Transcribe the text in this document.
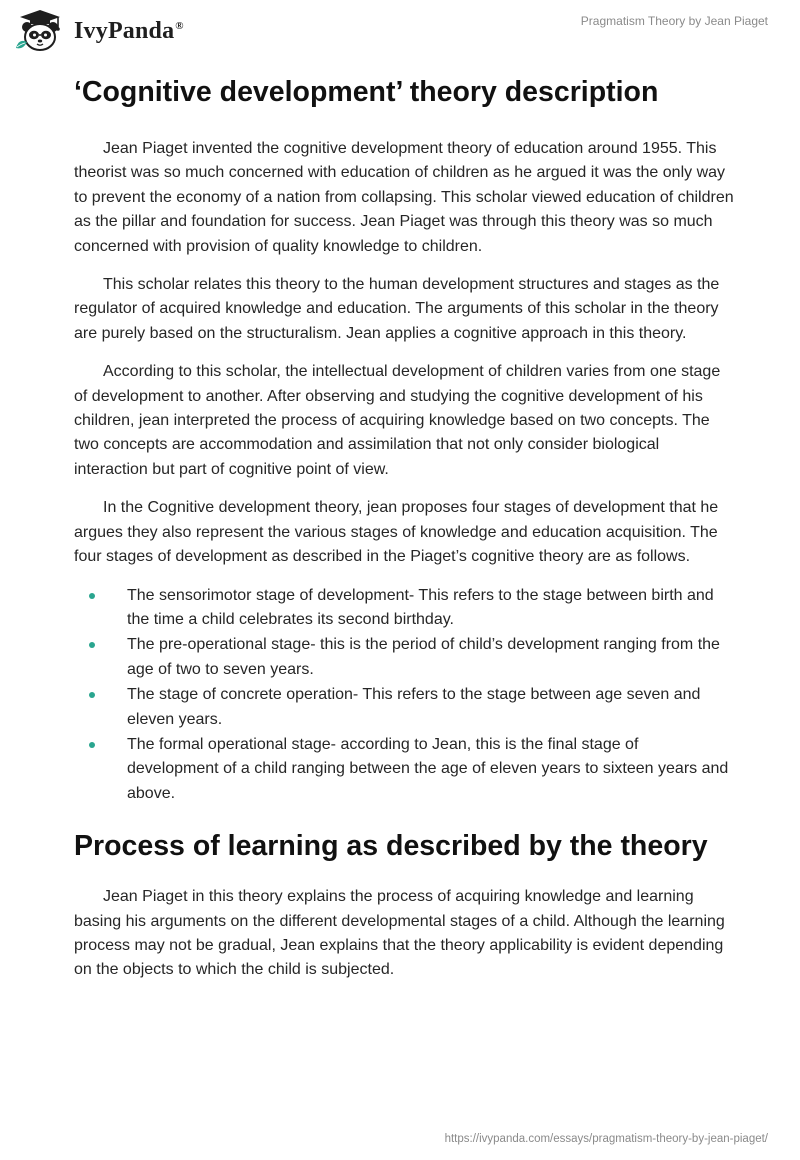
IvyPanda®	Pragmatism Theory by Jean Piaget
‘Cognitive development’ theory description

Jean Piaget invented the cognitive development theory of education around 1955. This theorist was so much concerned with education of children as he argued it was the only way to prevent the economy of a nation from collapsing. This scholar viewed education of children as the pillar and foundation for success. Jean Piaget was through this theory was so much concerned with provision of quality knowledge to children.

This scholar relates this theory to the human development structures and stages as the regulator of acquired knowledge and education. The arguments of this scholar in the theory are purely based on the structuralism. Jean applies a cognitive approach in this theory.

According to this scholar, the intellectual development of children varies from one stage of development to another. After observing and studying the cognitive development of his children, jean interpreted the process of acquiring knowledge based on two concepts. The two concepts are accommodation and assimilation that not only consider biological interaction but part of cognitive point of view.

In the Cognitive development theory, jean proposes four stages of development that he argues they also represent the various stages of knowledge and education acquisition. The four stages of development as described in the Piaget’s cognitive theory are as follows.

The sensorimotor stage of development- This refers to the stage between birth and the time a child celebrates its second birthday.
The pre-operational stage- this is the period of child’s development ranging from the age of two to seven years.
The stage of concrete operation- This refers to the stage between age seven and eleven years.
The formal operational stage- according to Jean, this is the final stage of development of a child ranging between the age of eleven years to sixteen years and above.
Process of learning as described by the theory

Jean Piaget in this theory explains the process of acquiring knowledge and learning basing his arguments on the different developmental stages of a child. Although the learning process may not be gradual, Jean explains that the theory applicability is evident depending on the objects to which the child is subjected.

https://ivypanda.com/essays/pragmatism-theory-by-jean-piaget/
